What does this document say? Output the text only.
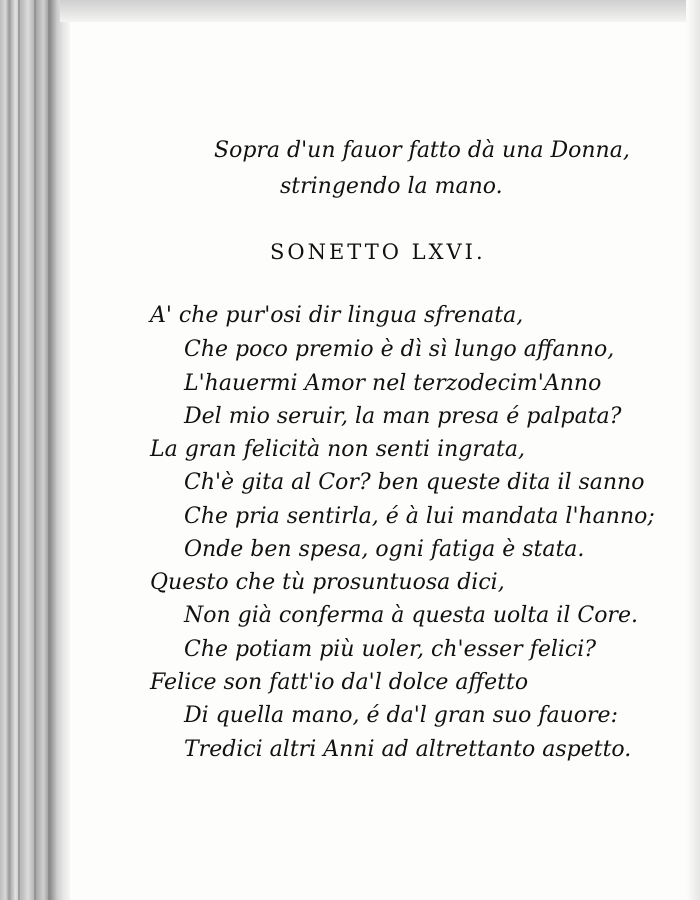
Sopra d'un fauor fatto dà una Donna,
stringendo la mano.
SONETTO LXVI.
A' che pur'osi dir lingua sfrenata,
Che poco premio è dì sì lungo affanno,
L'hauermi Amor nel terzodecim'Anno
Del mio seruir, la man presa é palpata?
La gran felicità non senti ingrata,
Ch'è gita al Cor? ben queste dita il sanno
Che pria sentirla, é à lui mandata l'hanno;
Onde ben spesa, ogni fatiga è stata.
Questo che tù prosuntuosa dici,
Non già conferma à questa uolta il Core.
Che potiam più uoler, ch'esser felici?
Felice son fatt'io da'l dolce affetto
Di quella mano, é da'l gran suo fauore:
Tredici altri Anni ad altrettanto aspetto.
